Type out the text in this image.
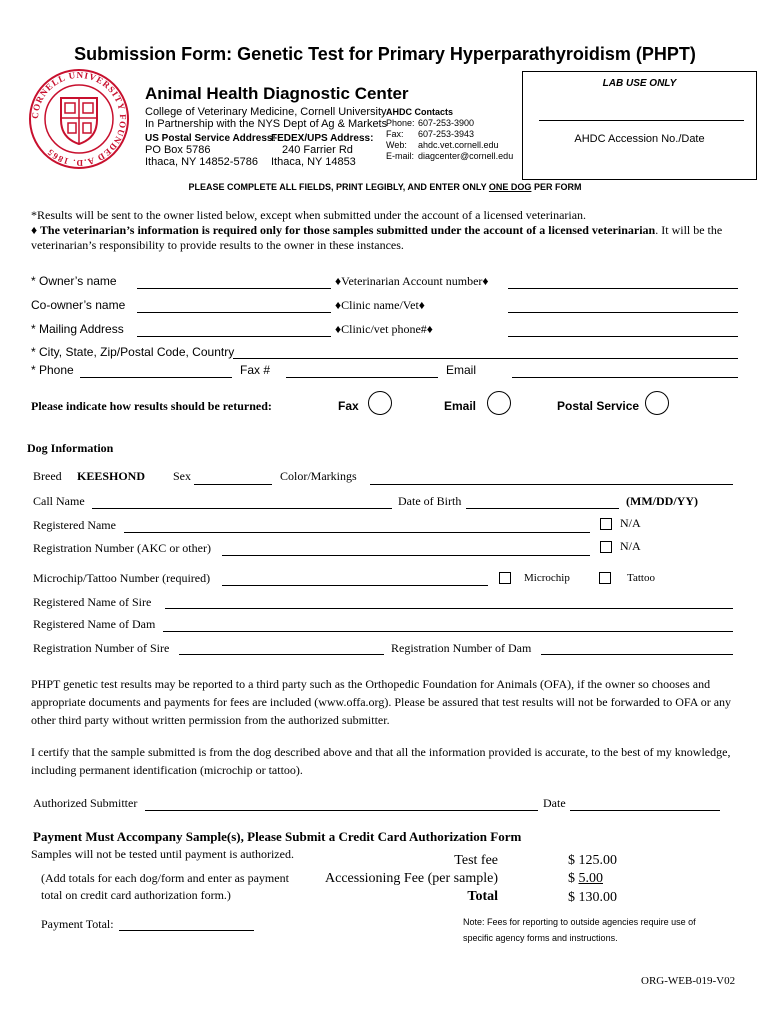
Submission Form: Genetic Test for Primary Hyperparathyroidism (PHPT)
CORNELL UNIVERSITY FOUNDED A.D. 1865
Animal Health Diagnostic Center
College of Veterinary Medicine, Cornell University
In Partnership with the NYS Dept of Ag & Markets
US Postal Service Address:
PO Box 5786
Ithaca, NY 14852-5786
FEDEX/UPS Address:
240 Farrier Rd
Ithaca, NY 14853
AHDC Contacts
Phone: 607-253-3900
Fax: 607-253-3943
Web: ahdc.vet.cornell.edu
E-mail: diagcenter@cornell.edu
LAB USE ONLY
AHDC Accession No./Date
PLEASE COMPLETE ALL FIELDS, PRINT LEGIBLY, AND ENTER ONLY ONE DOG PER FORM
*Results will be sent to the owner listed below, except when submitted under the account of a licensed veterinarian.
♦ The veterinarian’s information is required only for those samples submitted under the account of a licensed veterinarian. It will be the veterinarian’s responsibility to provide results to the owner in these instances.
* Owner’s name	♦Veterinarian Account number♦
Co-owner’s name	♦Clinic name/Vet♦
* Mailing Address	♦Clinic/vet phone#♦
* City, State, Zip/Postal Code, Country
* Phone	Fax #	Email
Please indicate how results should be returned:	Fax	Email	Postal Service
Dog Information
Breed KEESHOND Sex	Color/Markings
Call Name	Date of Birth	(MM/DD/YY)
Registered Name	N/A
Registration Number (AKC or other)	N/A
Microchip/Tattoo Number (required)	Microchip	Tattoo
Registered Name of Sire
Registered Name of Dam
Registration Number of Sire	Registration Number of Dam
PHPT genetic test results may be reported to a third party such as the Orthopedic Foundation for Animals (OFA), if the owner so chooses and appropriate documents and payments for fees are included (www.offa.org). Please be assured that test results will not be forwarded to OFA or any other third party without written permission from the authorized submitter.
I certify that the sample submitted is from the dog described above and that all the information provided is accurate, to the best of my knowledge, including permanent identification (microchip or tattoo).
Authorized Submitter	Date
Payment Must Accompany Sample(s), Please Submit a Credit Card Authorization Form
Samples will not be tested until payment is authorized.
(Add totals for each dog/form and enter as payment total on credit card authorization form.)
Payment Total:
Test fee	$ 125.00
Accessioning Fee (per sample)	$ 5.00
Total	$ 130.00
Note: Fees for reporting to outside agencies require use of specific agency forms and instructions.
ORG-WEB-019-V02
